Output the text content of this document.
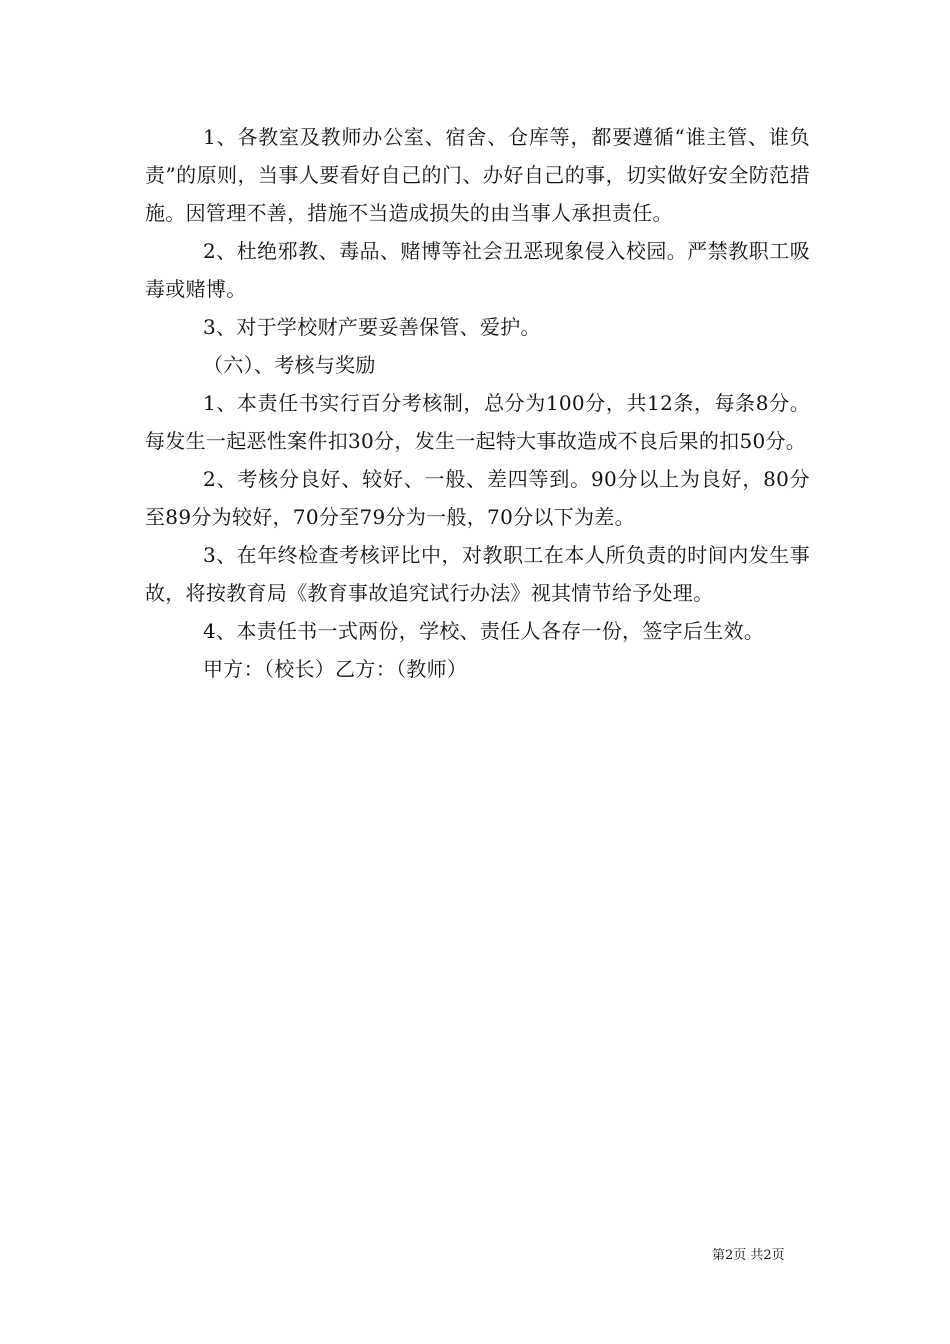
1、各教室及教师办公室、宿舍、仓库等，都要遵循“谁主管、谁负责”的原则，当事人要看好自己的门、办好自己的事，切实做好安全防范措施。因管理不善，措施不当造成损失的由当事人承担责任。

2、杜绝邪教、毒品、赌博等社会丑恶现象侵入校园。严禁教职工吸毒或赌博。

3、对于学校财产要妥善保管、爱护。

（六）、考核与奖励

1、本责任书实行百分考核制，总分为100分，共12条，每条8分。每发生一起恶性案件扣30分，发生一起特大事故造成不良后果的扣50分。

2、考核分良好、较好、一般、差四等到。90分以上为良好，80分至89分为较好，70分至79分为一般，70分以下为差。

3、在年终检查考核评比中，对教职工在本人所负责的时间内发生事故，将按教育局《教育事故追究试行办法》视其情节给予处理。

4、本责任书一式两份，学校、责任人各存一份，签字后生效。

甲方：（校长）乙方：（教师）

第2页 共2页
